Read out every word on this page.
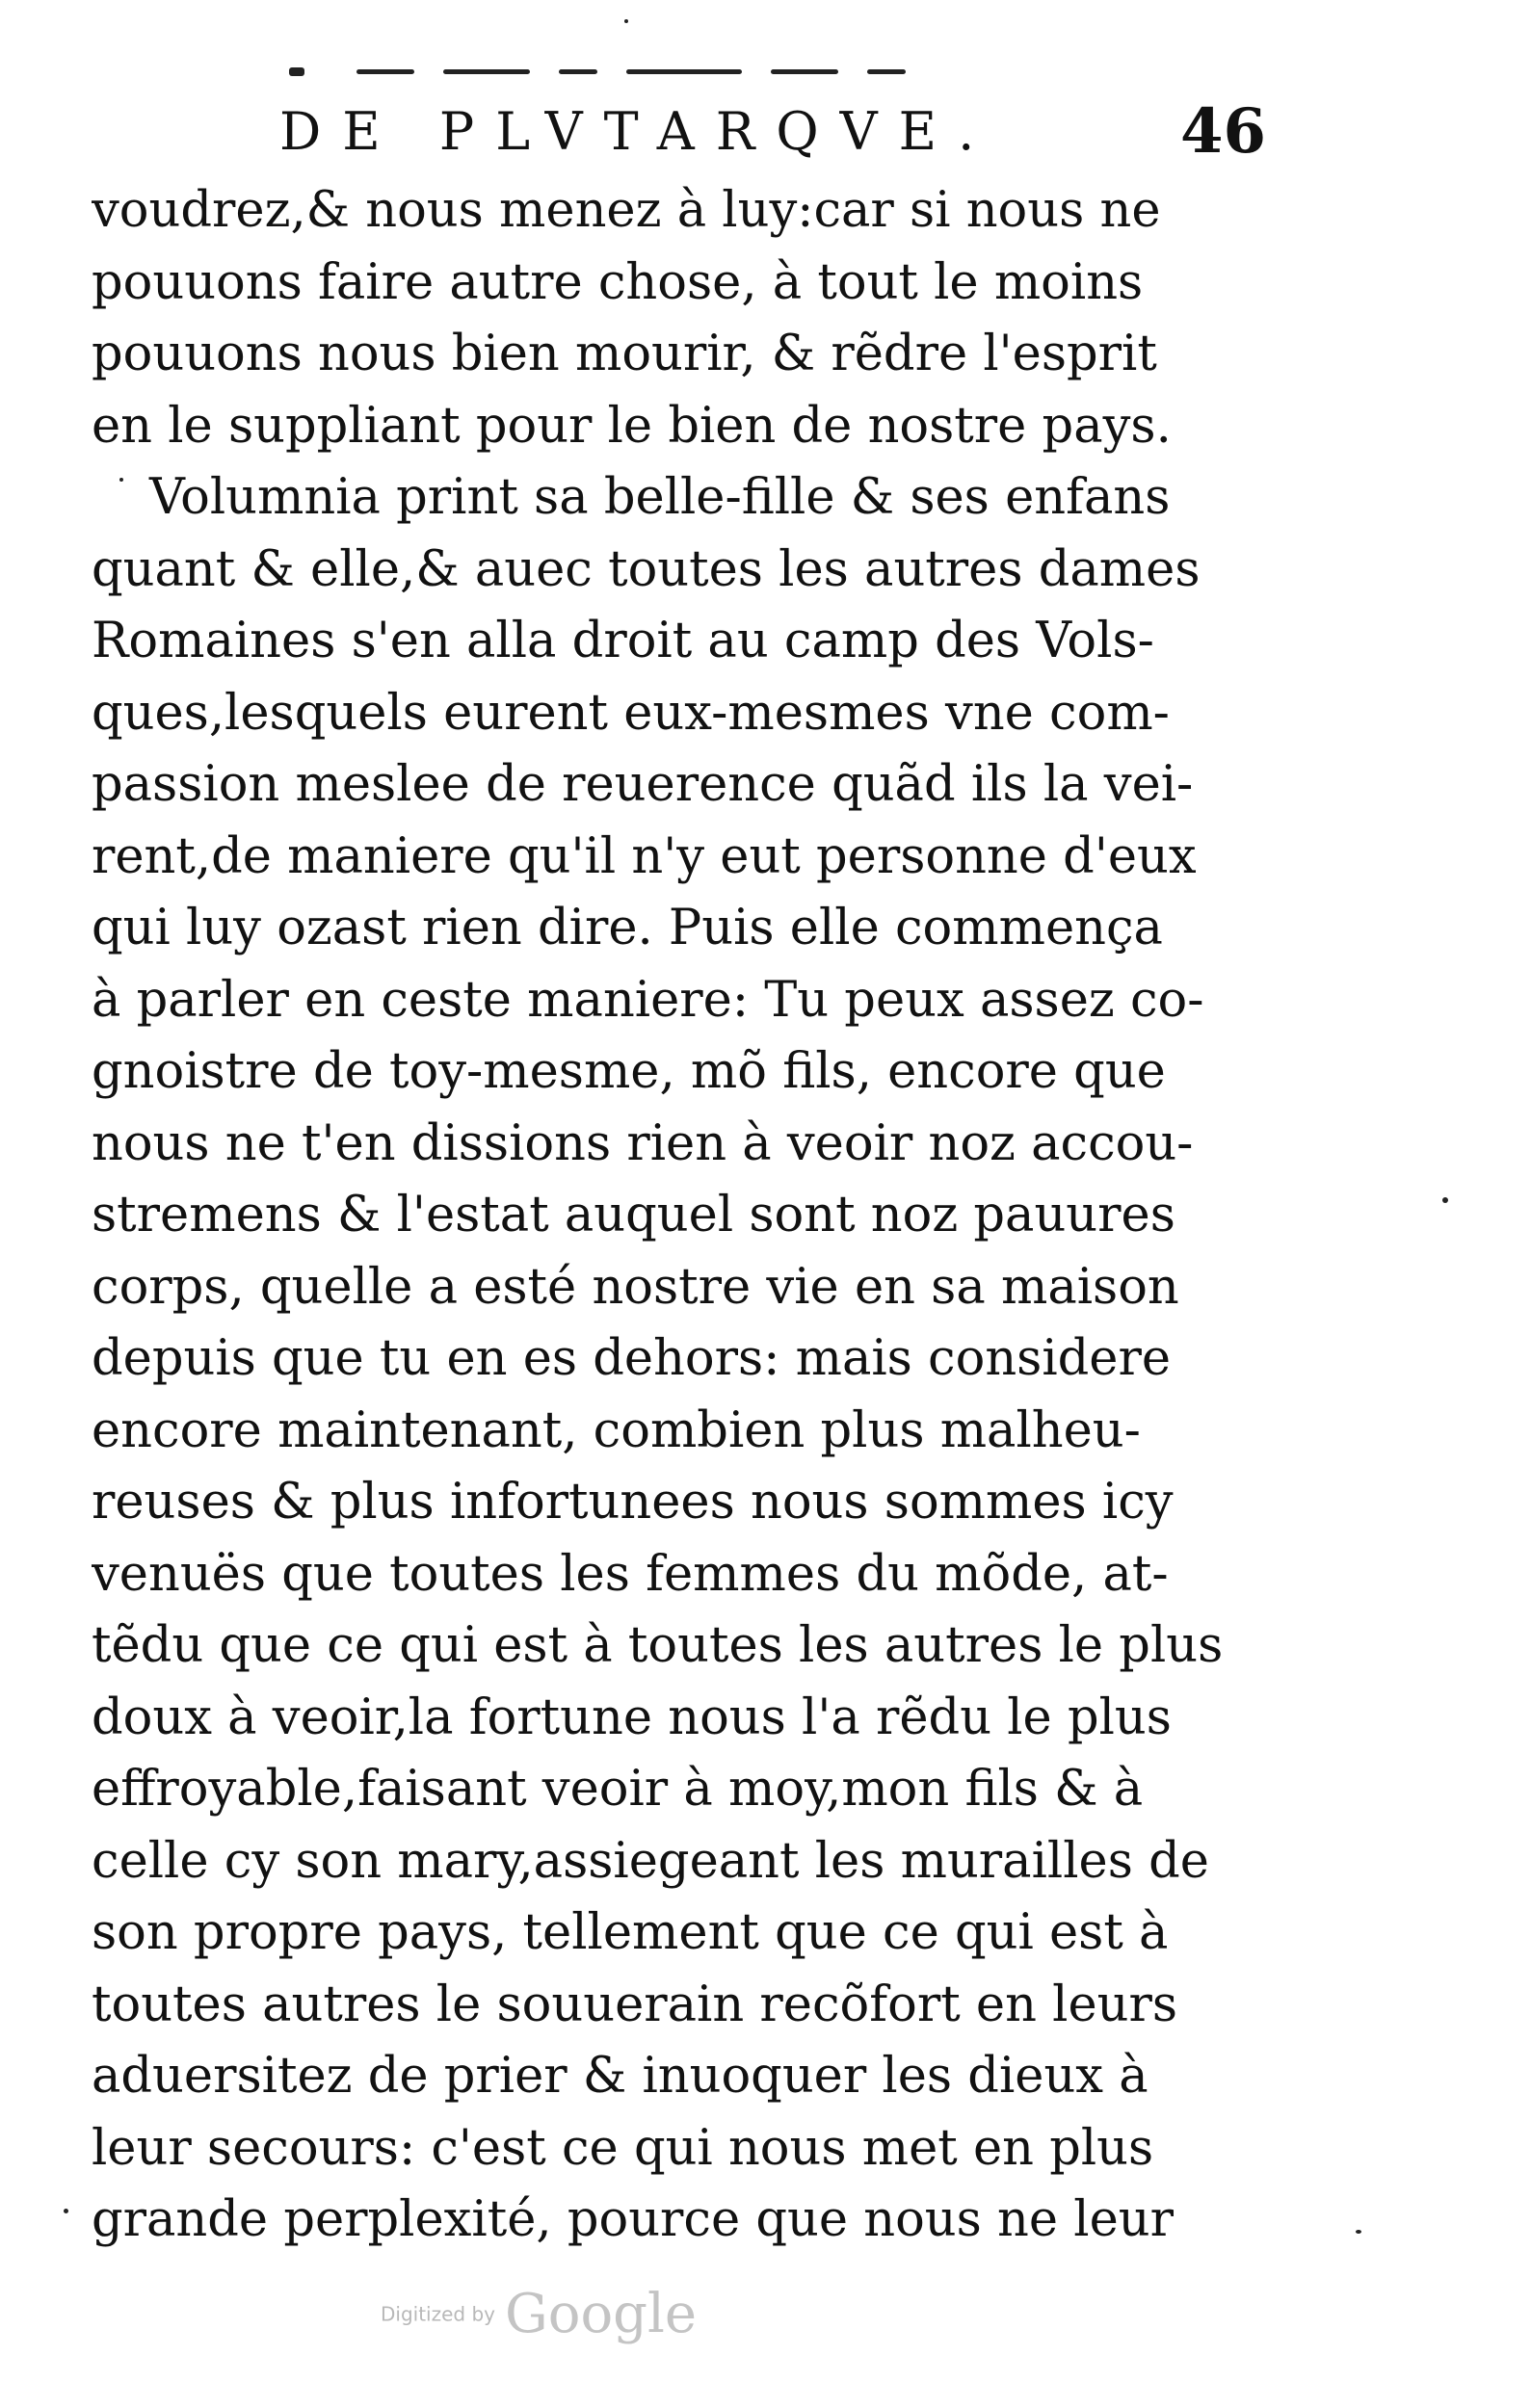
DE PLVTARQVE.	46
voudrez,& nous menez à luy:car si nous ne
pouuons faire autre chose, à tout le moins
pouuons nous bien mourir, & rẽdre l'esprit
en le suppliant pour le bien de nostre pays.
Volumnia print sa belle-fille & ses enfans
quant & elle,& auec toutes les autres dames
Romaines s'en alla droit au camp des Vols-
ques,lesquels eurent eux-mesmes vne com-
passion meslee de reuerence quãd ils la vei-
rent,de maniere qu'il n'y eut personne d'eux
qui luy ozast rien dire. Puis elle commença
à parler en ceste maniere: Tu peux assez co-
gnoistre de toy-mesme, mõ fils, encore que
nous ne t'en dissions rien à veoir noz accou-
stremens & l'estat auquel sont noz pauures
corps, quelle a esté nostre vie en sa maison
depuis que tu en es dehors: mais considere
encore maintenant, combien plus malheu-
reuses & plus infortunees nous sommes icy
venuës que toutes les femmes du mõde, at-
tẽdu que ce qui est à toutes les autres le plus
doux à veoir,la fortune nous l'a rẽdu le plus
effroyable,faisant veoir à moy,mon fils & à
celle cy son mary,assiegeant les murailles de
son propre pays, tellement que ce qui est à
toutes autres le souuerain recõfort en leurs
aduersitez de prier & inuoquer les dieux à
leur secours: c'est ce qui nous met en plus
grande perplexité, pource que nous ne leur
Digitized by Google
